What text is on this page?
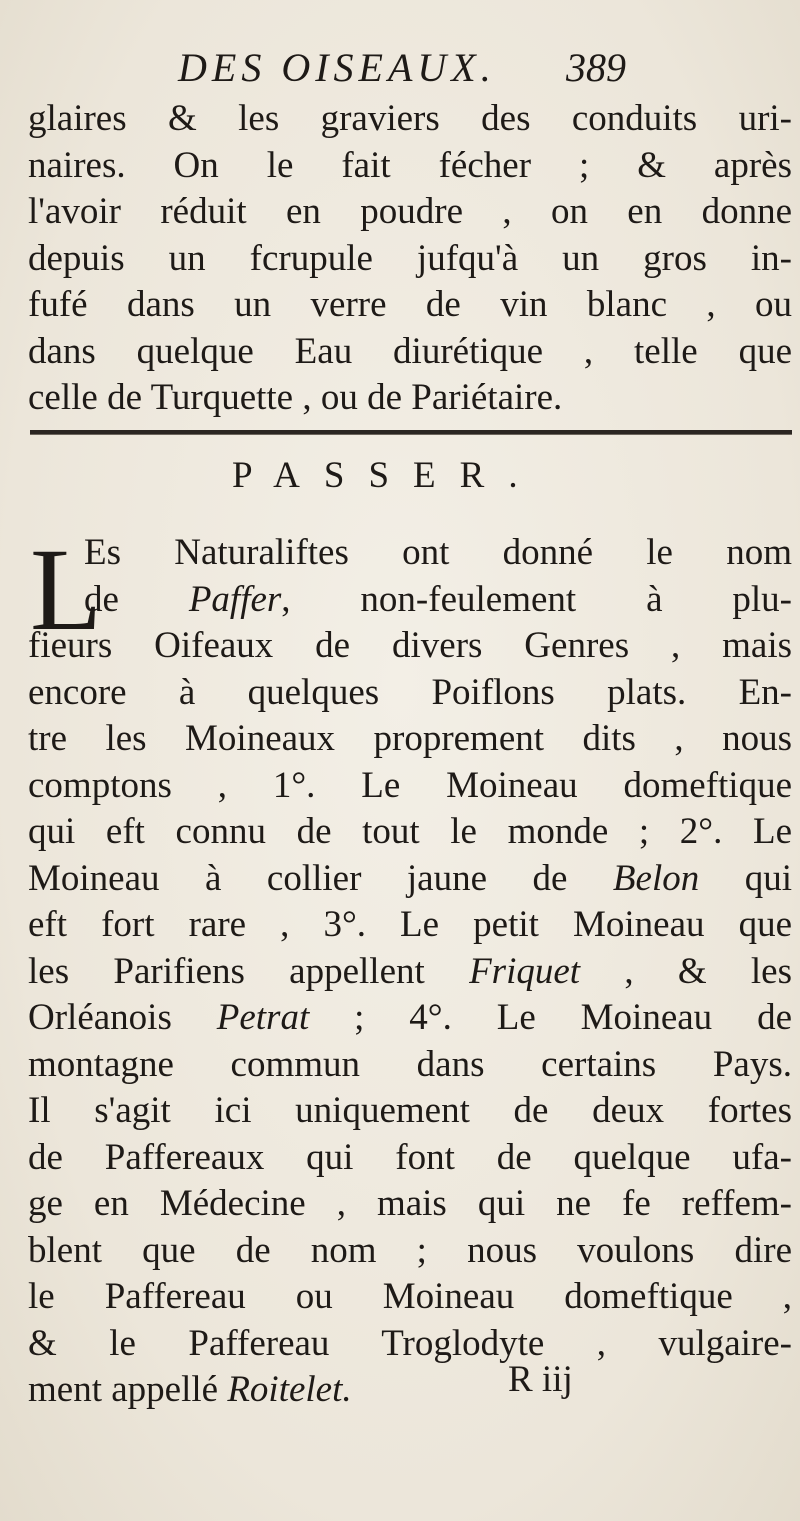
DES OISEAUX. 389
glaires & les graviers des conduits uri-
naires. On le fait fécher ; & après
l'avoir réduit en poudre , on en donne
depuis un fcrupule jufqu'à un gros in-
fufé dans un verre de vin blanc , ou
dans quelque Eau diurétique , telle que
celle de Turquette , ou de Pariétaire.
PASSER.
L
Es Naturaliftes ont donné le nom
de Paffer, non-feulement à plu-
fieurs Oifeaux de divers Genres , mais
encore à quelques Poiflons plats. En-
tre les Moineaux proprement dits , nous
comptons , 1°. Le Moineau domeftique
qui eft connu de tout le monde ; 2°. Le
Moineau à collier jaune de Belon qui
eft fort rare , 3°. Le petit Moineau que
les Parifiens appellent Friquet , & les
Orléanois Petrat ; 4°. Le Moineau de
montagne commun dans certains Pays.
Il s'agit ici uniquement de deux fortes
de Paffereaux qui font de quelque ufa-
ge en Médecine , mais qui ne fe reffem-
blent que de nom ; nous voulons dire
le Paffereau ou Moineau domeftique ,
& le Paffereau Troglodyte , vulgaire-
ment appellé Roitelet.	R iij
